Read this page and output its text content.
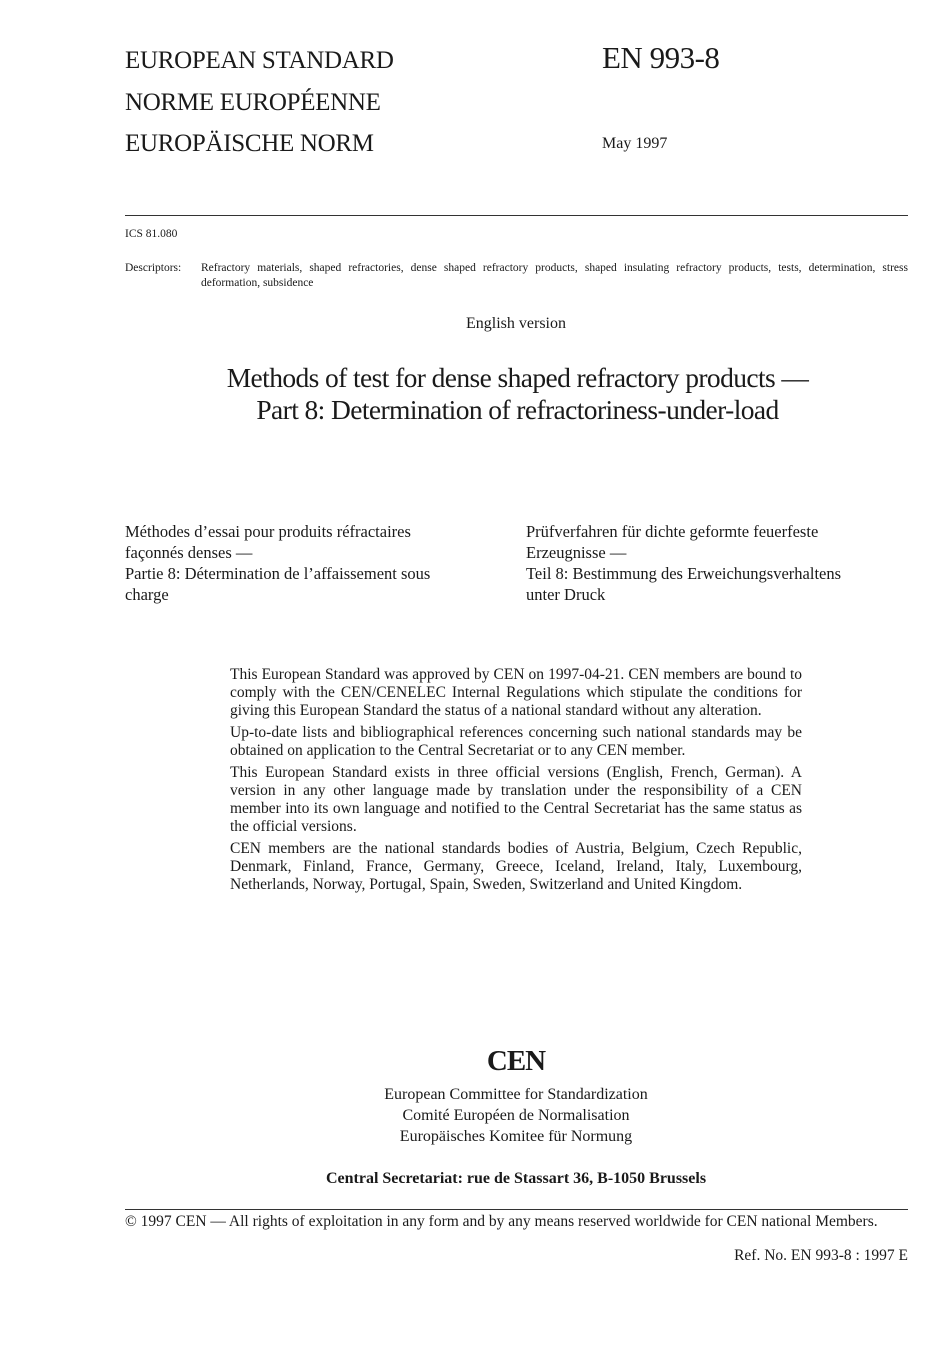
EUROPEAN STANDARD
NORME EUROPÉENNE
EUROPÄISCHE NORM
EN 993-8
May 1997
ICS 81.080
Descriptors:	Refractory materials, shaped refractories, dense shaped refractory products, shaped insulating refractory products, tests, determination, stress deformation, subsidence
English version
Methods of test for dense shaped refractory products —
Part 8: Determination of refractoriness-under-load
Méthodes d’essai pour produits réfractaires
façonnés denses —
Partie 8: Détermination de l’affaissement sous
charge
Prüfverfahren für dichte geformte feuerfeste
Erzeugnisse —
Teil 8: Bestimmung des Erweichungsverhaltens
unter Druck

This European Standard was approved by CEN on 1997-04-21. CEN members are bound to comply with the CEN/CENELEC Internal Regulations which stipulate the conditions for giving this European Standard the status of a national standard without any alteration.

Up-to-date lists and bibliographical references concerning such national standards may be obtained on application to the Central Secretariat or to any CEN member.

This European Standard exists in three official versions (English, French, German). A version in any other language made by translation under the responsibility of a CEN member into its own language and notified to the Central Secretariat has the same status as the official versions.

CEN members are the national standards bodies of Austria, Belgium, Czech Republic, Denmark, Finland, France, Germany, Greece, Iceland, Ireland, Italy, Luxembourg, Netherlands, Norway, Portugal, Spain, Sweden, Switzerland and United Kingdom.

CEN
European Committee for Standardization
Comité Européen de Normalisation
Europäisches Komitee für Normung
Central Secretariat: rue de Stassart 36, B-1050 Brussels
© 1997 CEN — All rights of exploitation in any form and by any means reserved worldwide for CEN national Members.
Ref. No. EN 993-8 : 1997 E
